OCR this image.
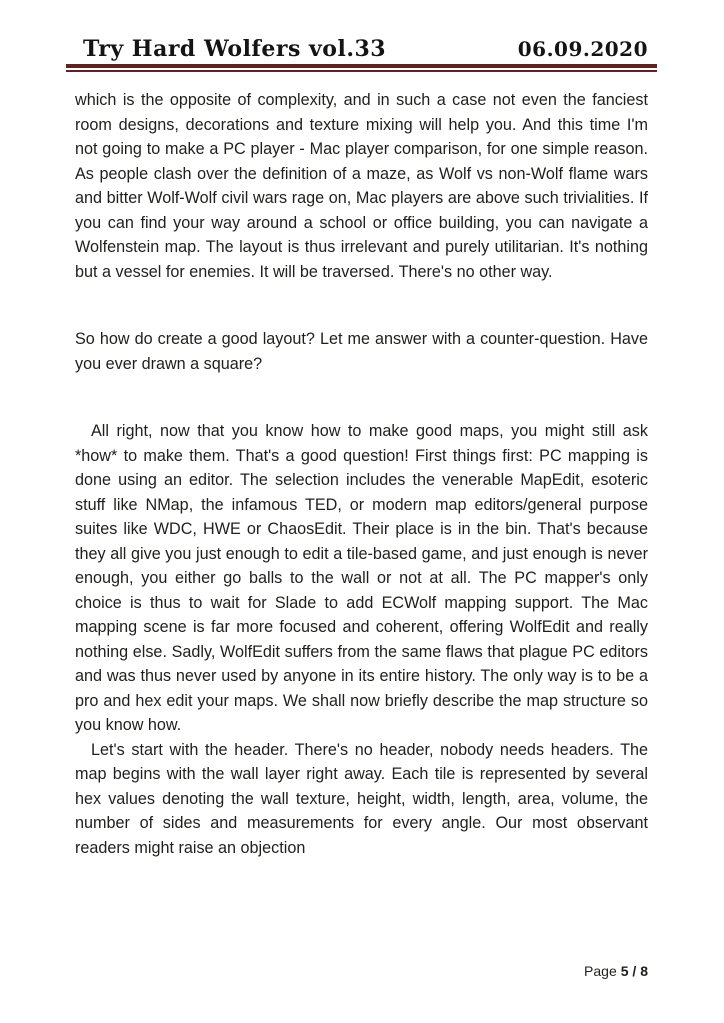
Try Hard Wolfers vol.33	06.09.2020

which is the opposite of complexity, and in such a case not even the fanciest room designs, decorations and texture mixing will help you. And this time I'm not going to make a PC player - Mac player comparison, for one simple reason. As people clash over the definition of a maze, as Wolf vs non-Wolf flame wars and bitter Wolf-Wolf civil wars rage on, Mac players are above such trivialities. If you can find your way around a school or office building, you can navigate a Wolfenstein map. The layout is thus irrelevant and purely utilitarian. It's nothing but a vessel for enemies. It will be traversed. There's no other way.

So how do create a good layout? Let me answer with a counter-question. Have you ever drawn a square?

All right, now that you know how to make good maps, you might still ask *how* to make them. That's a good question! First things first: PC mapping is done using an editor. The selection includes the venerable MapEdit, esoteric stuff like NMap, the infamous TED, or modern map editors/general purpose suites like WDC, HWE or ChaosEdit. Their place is in the bin. That's because they all give you just enough to edit a tile-based game, and just enough is never enough, you either go balls to the wall or not at all. The PC mapper's only choice is thus to wait for Slade to add ECWolf mapping support. The Mac mapping scene is far more focused and coherent, offering WolfEdit and really nothing else. Sadly, WolfEdit suffers from the same flaws that plague PC editors and was thus never used by anyone in its entire history. The only way is to be a pro and hex edit your maps. We shall now briefly describe the map structure so you know how.

Let's start with the header. There's no header, nobody needs headers. The map begins with the wall layer right away. Each tile is represented by several hex values denoting the wall texture, height, width, length, area, volume, the number of sides and measurements for every angle. Our most observant readers might raise an objection

Page 5 / 8
